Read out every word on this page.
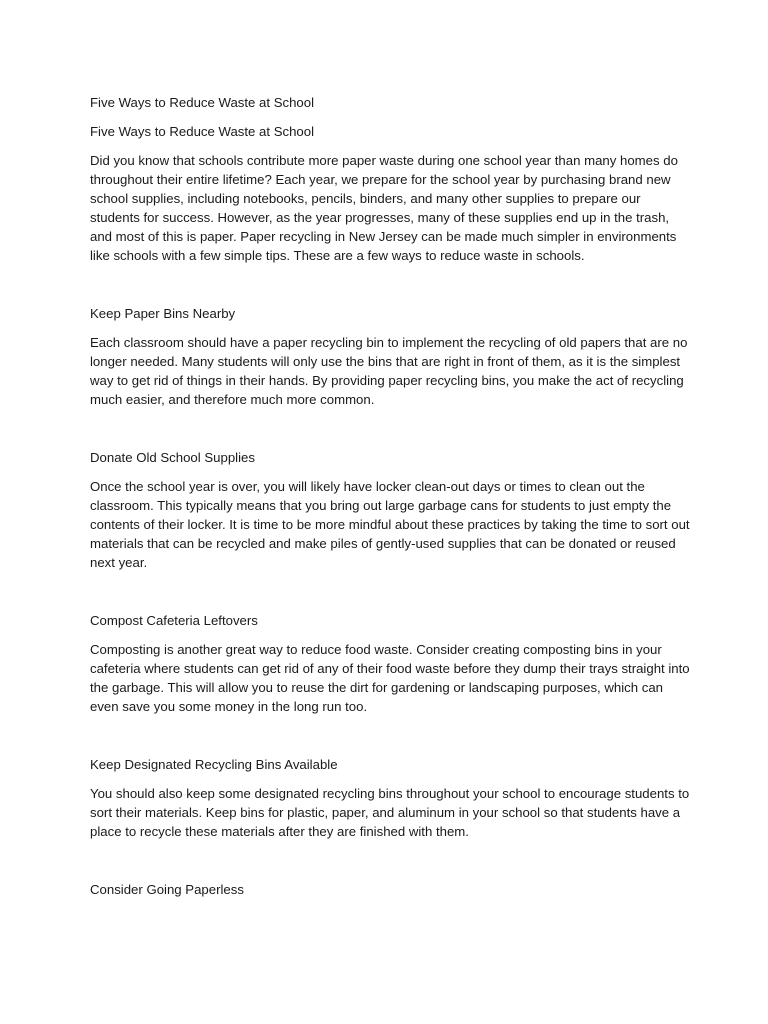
Five Ways to Reduce Waste at School

Five Ways to Reduce Waste at School

Did you know that schools contribute more paper waste during one school year than many homes do throughout their entire lifetime? Each year, we prepare for the school year by purchasing brand new school supplies, including notebooks, pencils, binders, and many other supplies to prepare our students for success. However, as the year progresses, many of these supplies end up in the trash, and most of this is paper. Paper recycling in New Jersey can be made much simpler in environments like schools with a few simple tips. These are a few ways to reduce waste in schools.

Keep Paper Bins Nearby

Each classroom should have a paper recycling bin to implement the recycling of old papers that are no longer needed. Many students will only use the bins that are right in front of them, as it is the simplest way to get rid of things in their hands. By providing paper recycling bins, you make the act of recycling much easier, and therefore much more common.

Donate Old School Supplies

Once the school year is over, you will likely have locker clean-out days or times to clean out the classroom. This typically means that you bring out large garbage cans for students to just empty the contents of their locker. It is time to be more mindful about these practices by taking the time to sort out materials that can be recycled and make piles of gently-used supplies that can be donated or reused next year.

Compost Cafeteria Leftovers

Composting is another great way to reduce food waste. Consider creating composting bins in your cafeteria where students can get rid of any of their food waste before they dump their trays straight into the garbage. This will allow you to reuse the dirt for gardening or landscaping purposes, which can even save you some money in the long run too.

Keep Designated Recycling Bins Available

You should also keep some designated recycling bins throughout your school to encourage students to sort their materials. Keep bins for plastic, paper, and aluminum in your school so that students have a place to recycle these materials after they are finished with them.

Consider Going Paperless
